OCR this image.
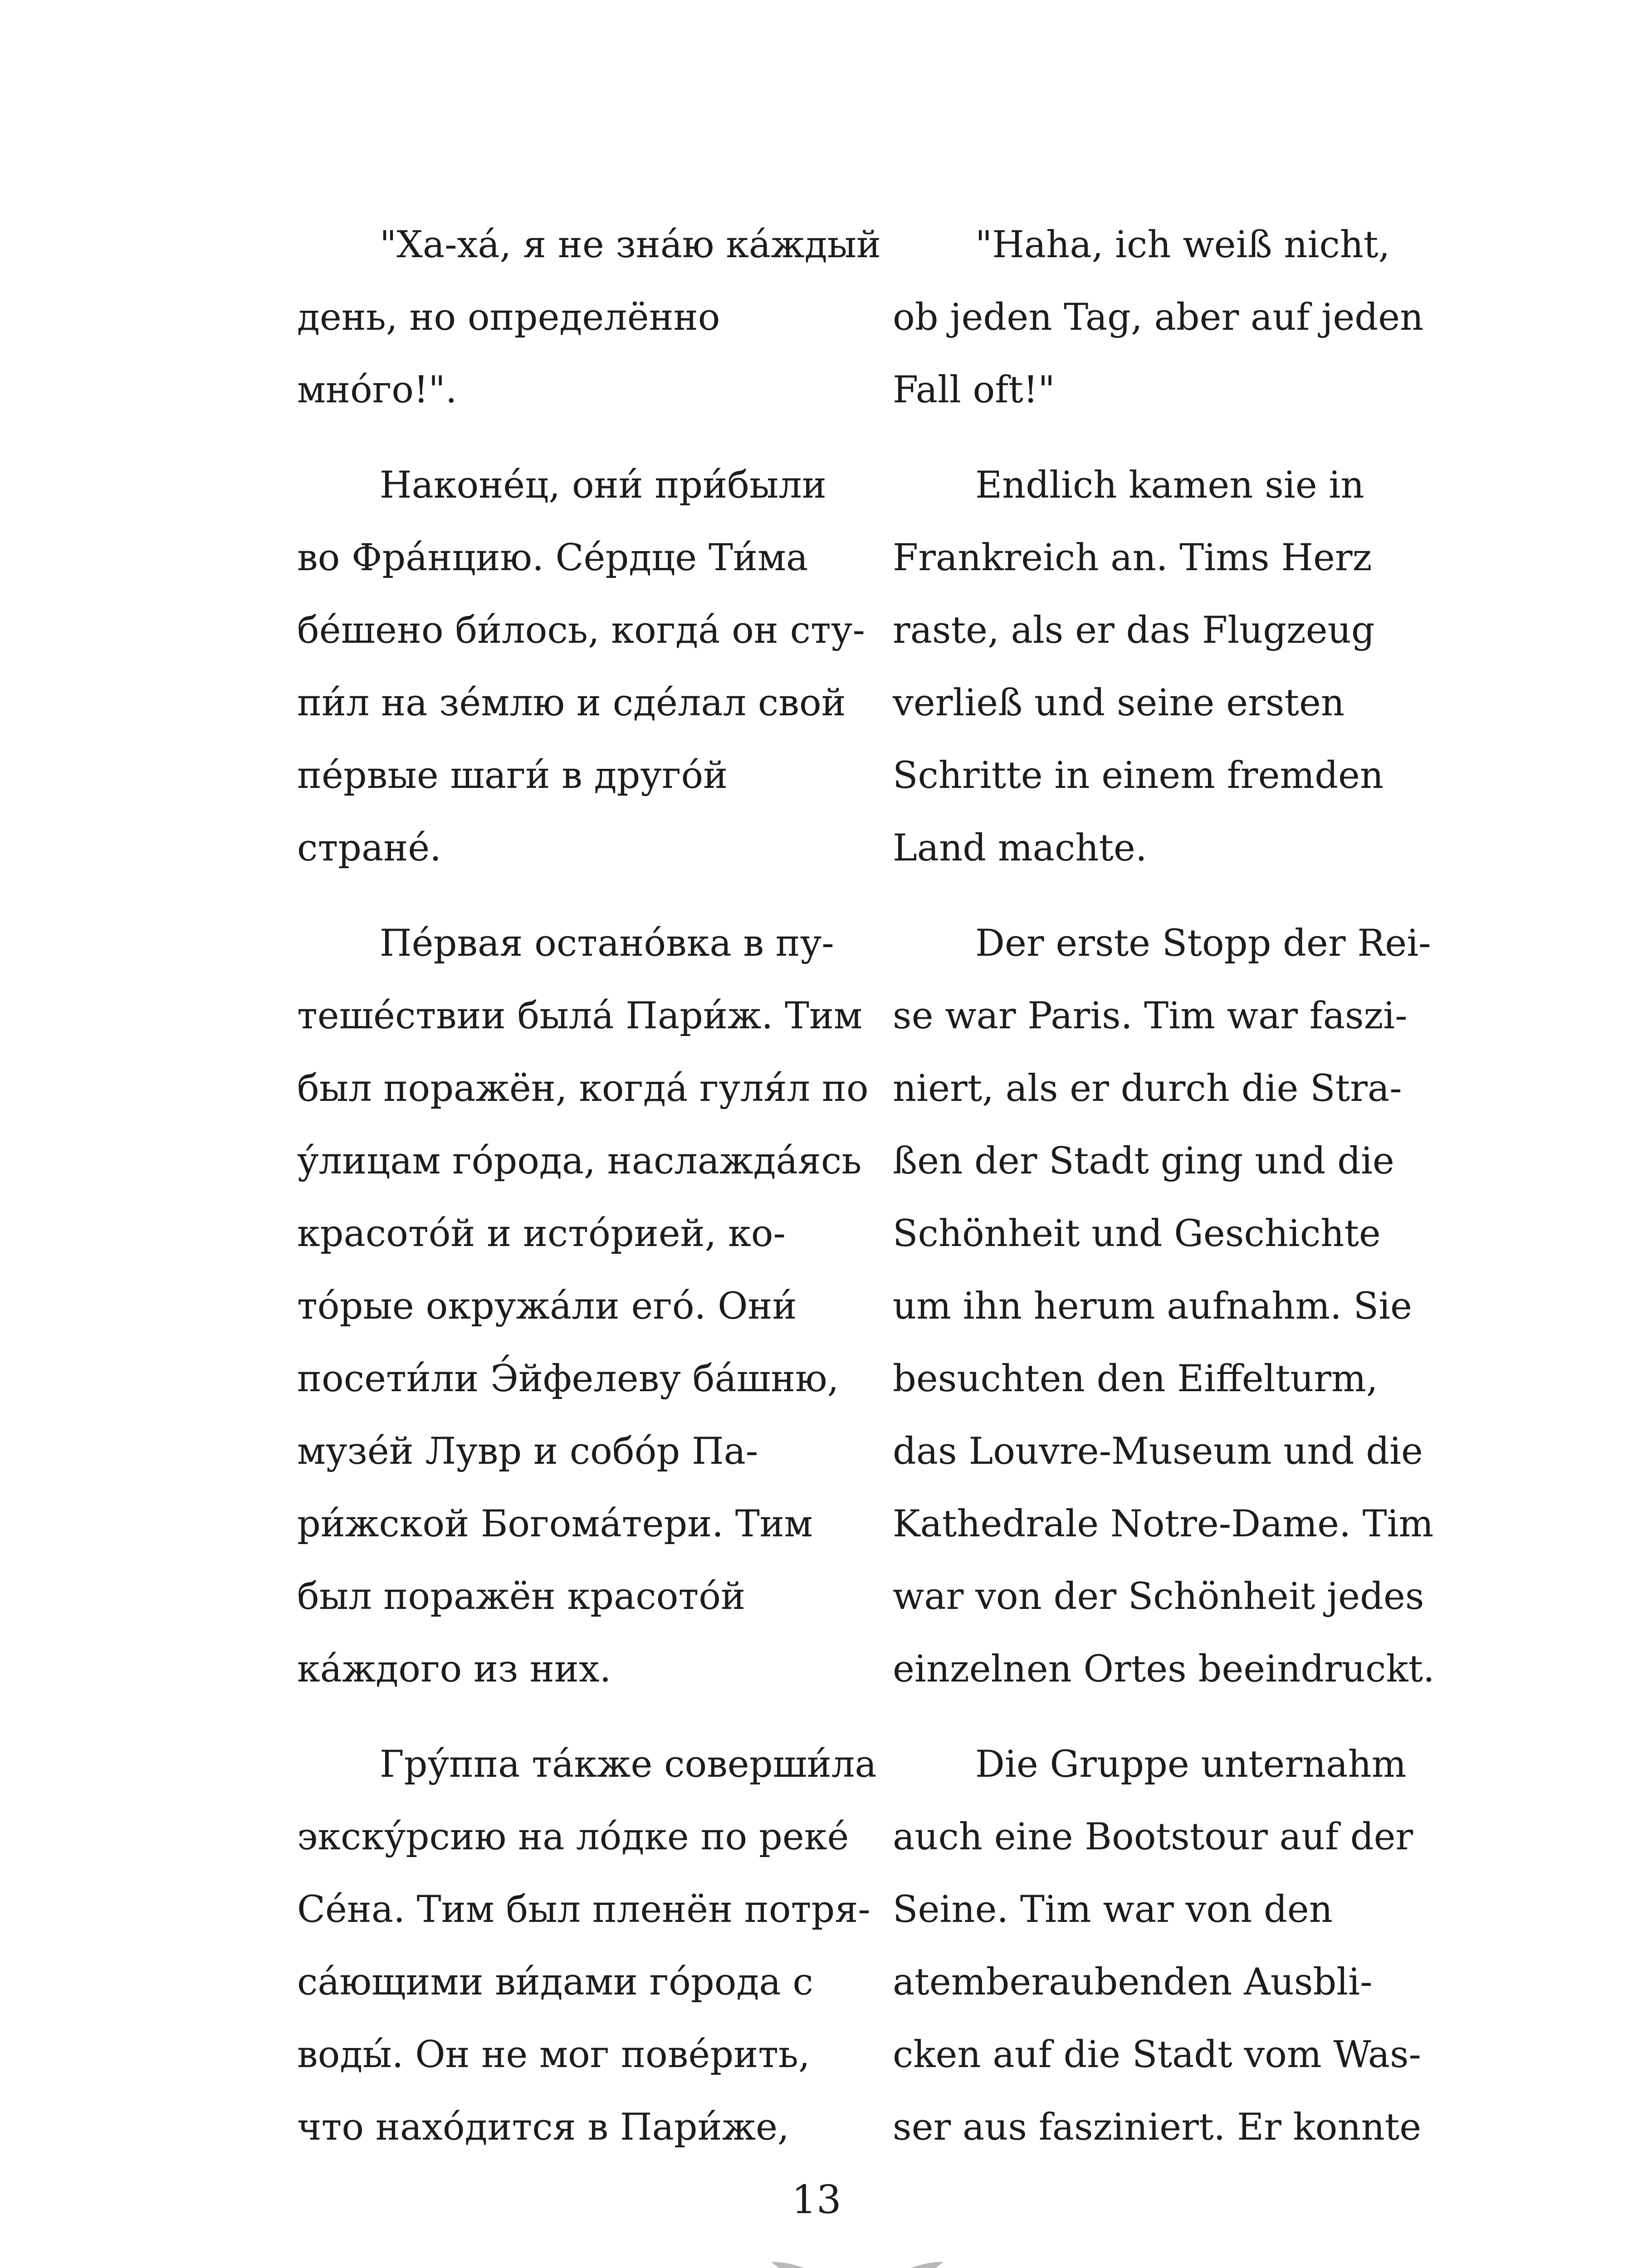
"Ха-ха́, я не зна́ю ка́ждый
день, но определённо
мно́го!".
Наконе́ц, они́ при́были
во Фра́нцию. Се́рдце Ти́ма
бе́шено би́лось, когда́ он сту-
пи́л на зе́млю и сде́лал свой
пе́рвые шаги́ в друго́й
стране́.
Пе́рвая остано́вка в пу-
теше́ствии была́ Пари́ж. Тим
был поражён, когда́ гуля́л по
у́лицам го́рода, наслажда́ясь
красото́й и исто́рией, ко-
то́рые окружа́ли его́. Они́
посети́ли Э́йфелеву ба́шню,
музе́й Лувр и собо́р Па-
ри́жской Богома́тери. Тим
был поражён красото́й
ка́ждого из них.
Гру́ппа та́кже соверши́ла
экску́рсию на ло́дке по реке́
Се́на. Тим был пленён потря-
са́ющими ви́дами го́рода с
воды́. Он не мог пове́рить,
что нахо́дится в Пари́же,
"Haha, ich weiß nicht,
ob jeden Tag, aber auf jeden
Fall oft!"
Endlich kamen sie in
Frankreich an. Tims Herz
raste, als er das Flugzeug
verließ und seine ersten
Schritte in einem fremden
Land machte.
Der erste Stopp der Rei-
se war Paris. Tim war faszi-
niert, als er durch die Stra-
ßen der Stadt ging und die
Schönheit und Geschichte
um ihn herum aufnahm. Sie
besuchten den Eiffelturm,
das Louvre-Museum und die
Kathedrale Notre-Dame. Tim
war von der Schönheit jedes
einzelnen Ortes beeindruckt.
Die Gruppe unternahm
auch eine Bootstour auf der
Seine. Tim war von den
atemberaubenden Ausbli-
cken auf die Stadt vom Was-
ser aus fasziniert. Er konnte
13
